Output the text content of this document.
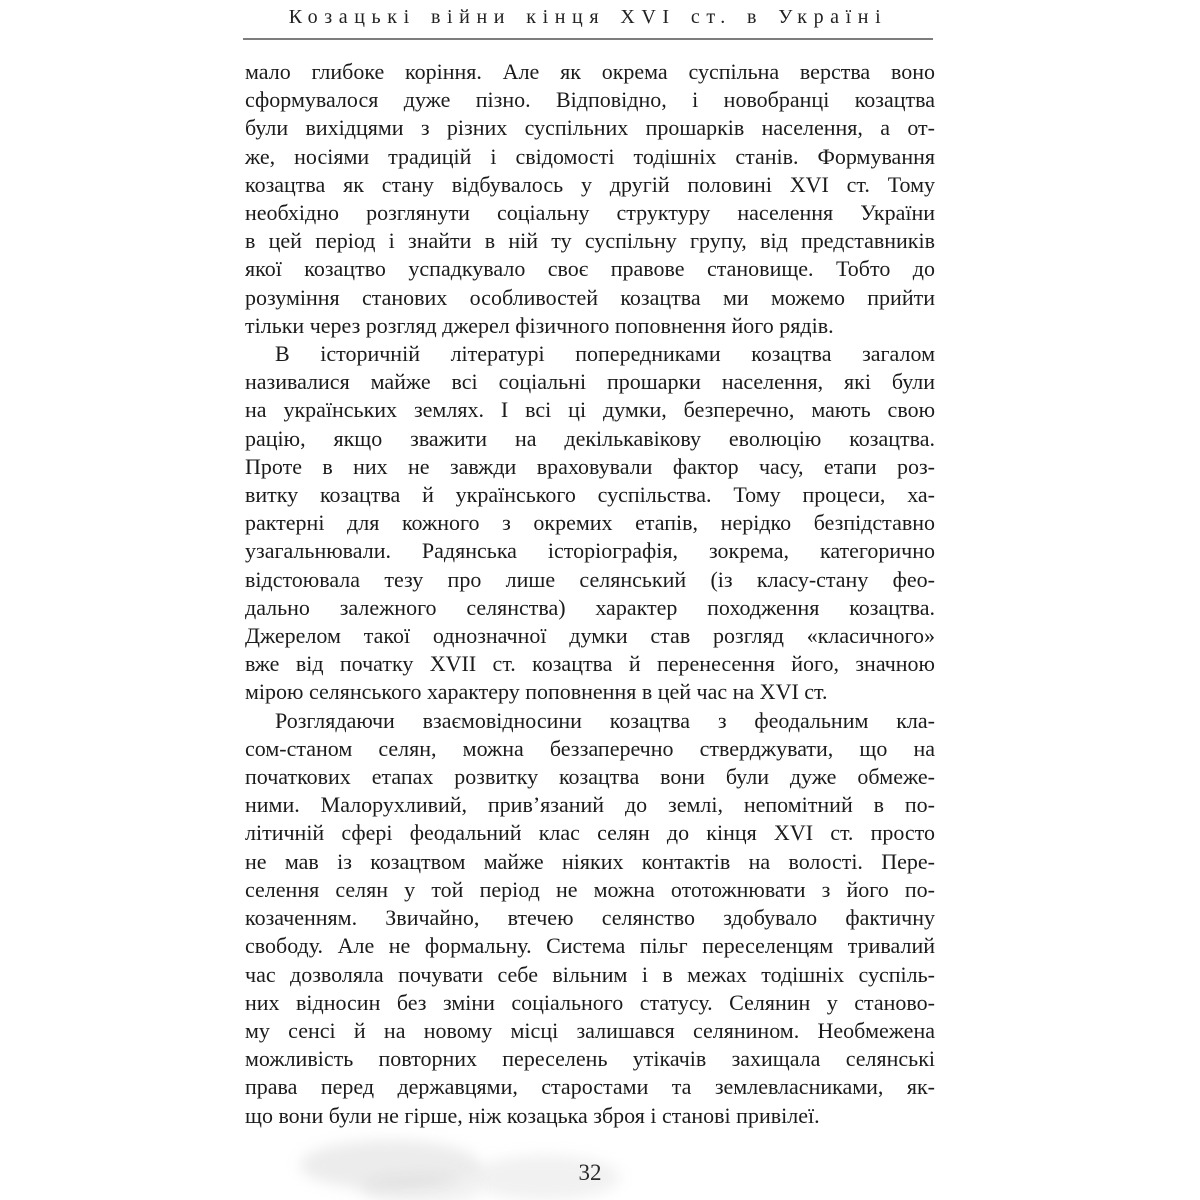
Козацькі війни кінця XVI ст. в Україні
мало глибоке коріння. Але як окрема суспільна верства воно
сформувалося дуже пізно. Відповідно, і новобранці козацтва
були вихідцями з різних суспільних прошарків населення, а от-
же, носіями традицій і свідомості тодішніх станів. Формування
козацтва як стану відбувалось у другій половині XVI ст. Тому
необхідно розглянути соціальну структуру населення України
в цей період і знайти в ній ту суспільну групу, від представників
якої козацтво успадкувало своє правове становище. Тобто до
розуміння станових особливостей козацтва ми можемо прийти
тільки через розгляд джерел фізичного поповнення його рядів.
В історичній літературі попередниками козацтва загалом
називалися майже всі соціальні прошарки населення, які були
на українських землях. І всі ці думки, безперечно, мають свою
рацію, якщо зважити на декількавікову еволюцію козацтва.
Проте в них не завжди враховували фактор часу, етапи роз-
витку козацтва й українського суспільства. Тому процеси, ха-
рактерні для кожного з окремих етапів, нерідко безпідставно
узагальнювали. Радянська історіографія, зокрема, категорично
відстоювала тезу про лише селянський (із класу-стану фео-
дально залежного селянства) характер походження козацтва.
Джерелом такої однозначної думки став розгляд «класичного»
вже від початку XVII ст. козацтва й перенесення його, значною
мірою селянського характеру поповнення в цей час на XVI ст.
Розглядаючи взаємовідносини козацтва з феодальним кла-
сом-станом селян, можна беззаперечно стверджувати, що на
початкових етапах розвитку козацтва вони були дуже обмеже-
ними. Малорухливий, прив’язаний до землі, непомітний в по-
літичній сфері феодальний клас селян до кінця XVI ст. просто
не мав із козацтвом майже ніяких контактів на волості. Пере-
селення селян у той період не можна ототожнювати з його по-
козаченням. Звичайно, втечею селянство здобувало фактичну
свободу. Але не формальну. Система пільг переселенцям тривалий
час дозволяла почувати себе вільним і в межах тодішніх суспіль-
них відносин без зміни соціального статусу. Селянин у станово-
му сенсі й на новому місці залишався селянином. Необмежена
можливість повторних переселень утікачів захищала селянські
права перед державцями, старостами та землевласниками, як-
що вони були не гірше, ніж козацька зброя і станові привілеї.
32
